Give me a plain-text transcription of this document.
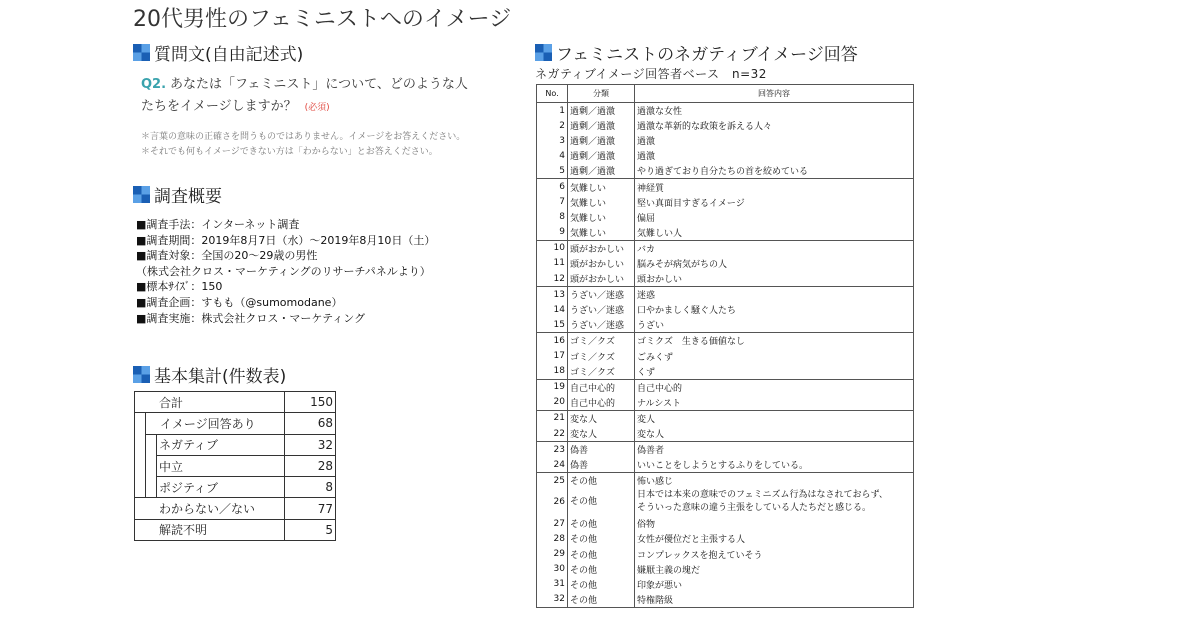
20代男性のフェミニストへのイメージ
質問文(自由記述式)
Q2. あなたは「フェミニスト」について、どのような人
たちをイメージしますか？ (必須)
＊言葉の意味の正確さを問うものではありません。イメージをお答えください。
＊それでも何もイメージできない方は「わからない」とお答えください。
調査概要
■調査手法：インターネット調査
■調査期間：2019年8月7日（水）～2019年8月10日（土）
■調査対象：全国の20～29歳の男性
（株式会社クロス・マーケティングのリサーチパネルより）
■標本ｻｲｽﾞ：150
■調査企画：すもも（@sumomodane）
■調査実施：株式会社クロス・マーケティング
基本集計(件数表)
合計			150
	イメージ回答あり		68
		ネガティブ	32
		中立	28
		ポジティブ	8
わからない／ない			77
解読不明			5
フェミニストのネガティブイメージ回答
ネガティブイメージ回答者ベース　n=32
No.	分類	回答内容
1	過剰／過激	過激な女性
2	過剰／過激	過激な革新的な政策を訴える人々
3	過剰／過激	過激
4	過剰／過激	過激
5	過剰／過激	やり過ぎており自分たちの首を絞めている
6	気難しい	神経質
7	気難しい	堅い真面目すぎるイメージ
8	気難しい	偏屈
9	気難しい	気難しい人
10	頭がおかしい	バカ
11	頭がおかしい	脳みそが病気がちの人
12	頭がおかしい	頭おかしい
13	うざい／迷惑	迷惑
14	うざい／迷惑	口やかましく騒ぐ人たち
15	うざい／迷惑	うざい
16	ゴミ／クズ	ゴミクズ　生きる価値なし
17	ゴミ／クズ	ごみくず
18	ゴミ／クズ	くず
19	自己中心的	自己中心的
20	自己中心的	ナルシスト
21	変な人	変人
22	変な人	変な人
23	偽善	偽善者
24	偽善	いいことをしようとするふりをしている。
25	その他	怖い感じ
26	その他	日本では本来の意味でのフェミニズム行為はなされておらず、
そういった意味の違う主張をしている人たちだと感じる。

27	その他	俗物
28	その他	女性が優位だと主張する人
29	その他	コンプレックスを抱えていそう
30	その他	嫌厭主義の塊だ
31	その他	印象が悪い
32	その他	特権階級
